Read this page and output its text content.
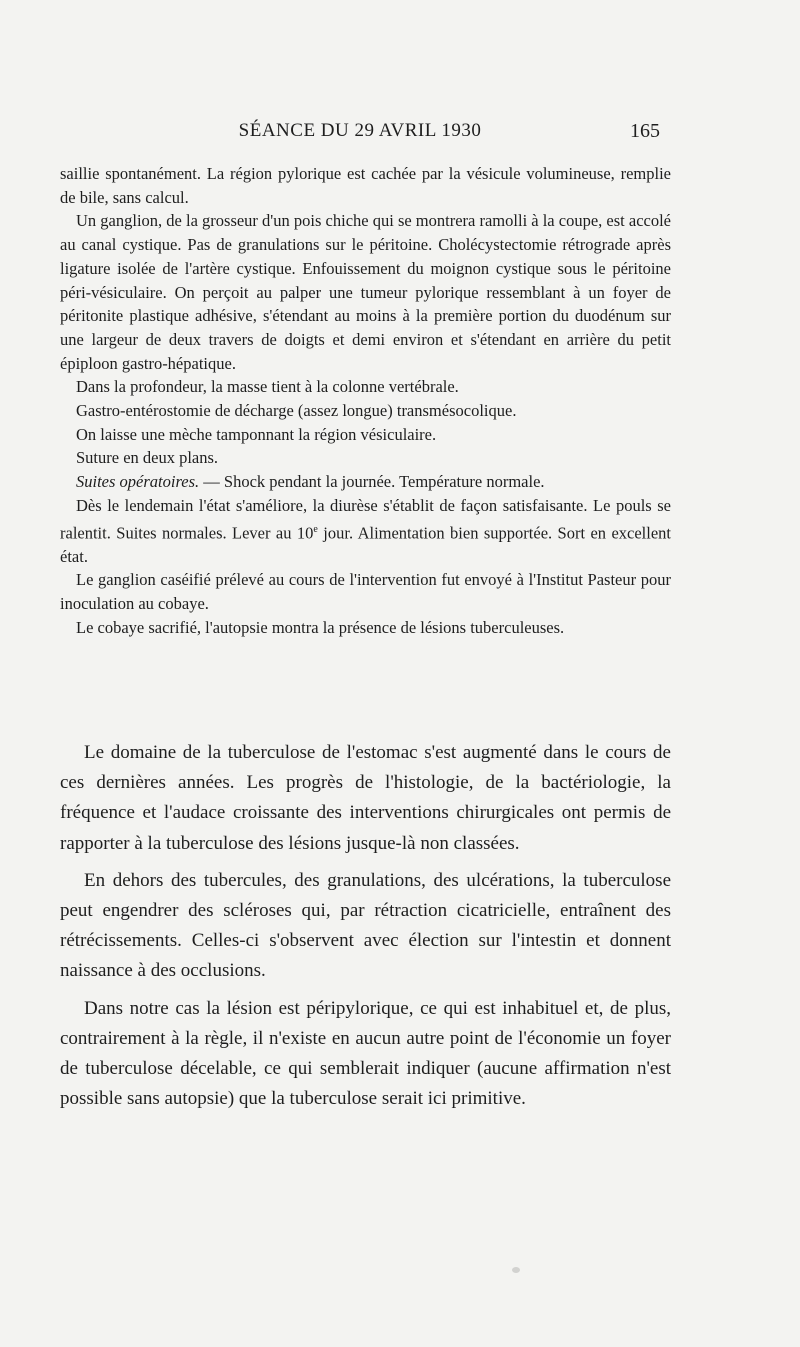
SÉANCE DU 29 AVRIL 1930	165

saillie spontanément. La région pylorique est cachée par la vésicule volumineuse, remplie de bile, sans calcul.

Un ganglion, de la grosseur d'un pois chiche qui se montrera ramolli à la coupe, est accolé au canal cystique. Pas de granulations sur le péritoine. Cholécystectomie rétrograde après ligature isolée de l'artère cystique. Enfouissement du moignon cystique sous le péritoine péri-vésiculaire. On perçoit au palper une tumeur pylorique ressemblant à un foyer de péritonite plastique adhésive, s'étendant au moins à la première portion du duodénum sur une largeur de deux travers de doigts et demi environ et s'étendant en arrière du petit épiploon gastro-hépatique.

Dans la profondeur, la masse tient à la colonne vertébrale.

Gastro-entérostomie de décharge (assez longue) transmésocolique.

On laisse une mèche tamponnant la région vésiculaire.

Suture en deux plans.

Suites opératoires. — Shock pendant la journée. Température normale.

Dès le lendemain l'état s'améliore, la diurèse s'établit de façon satisfaisante. Le pouls se ralentit. Suites normales. Lever au 10e jour. Alimentation bien supportée. Sort en excellent état.

Le ganglion caséifié prélevé au cours de l'intervention fut envoyé à l'Institut Pasteur pour inoculation au cobaye.

Le cobaye sacrifié, l'autopsie montra la présence de lésions tuberculeuses.

Le domaine de la tuberculose de l'estomac s'est augmenté dans le cours de ces dernières années. Les progrès de l'histologie, de la bactériologie, la fréquence et l'audace croissante des interventions chirurgicales ont permis de rapporter à la tuberculose des lésions jusque-là non classées.

En dehors des tubercules, des granulations, des ulcérations, la tuberculose peut engendrer des scléroses qui, par rétraction cicatricielle, entraînent des rétrécissements. Celles-ci s'observent avec élection sur l'intestin et donnent naissance à des occlusions.

Dans notre cas la lésion est péripylorique, ce qui est inhabituel et, de plus, contrairement à la règle, il n'existe en aucun autre point de l'économie un foyer de tuberculose décelable, ce qui semblerait indiquer (aucune affirmation n'est possible sans autopsie) que la tuberculose serait ici primitive.
